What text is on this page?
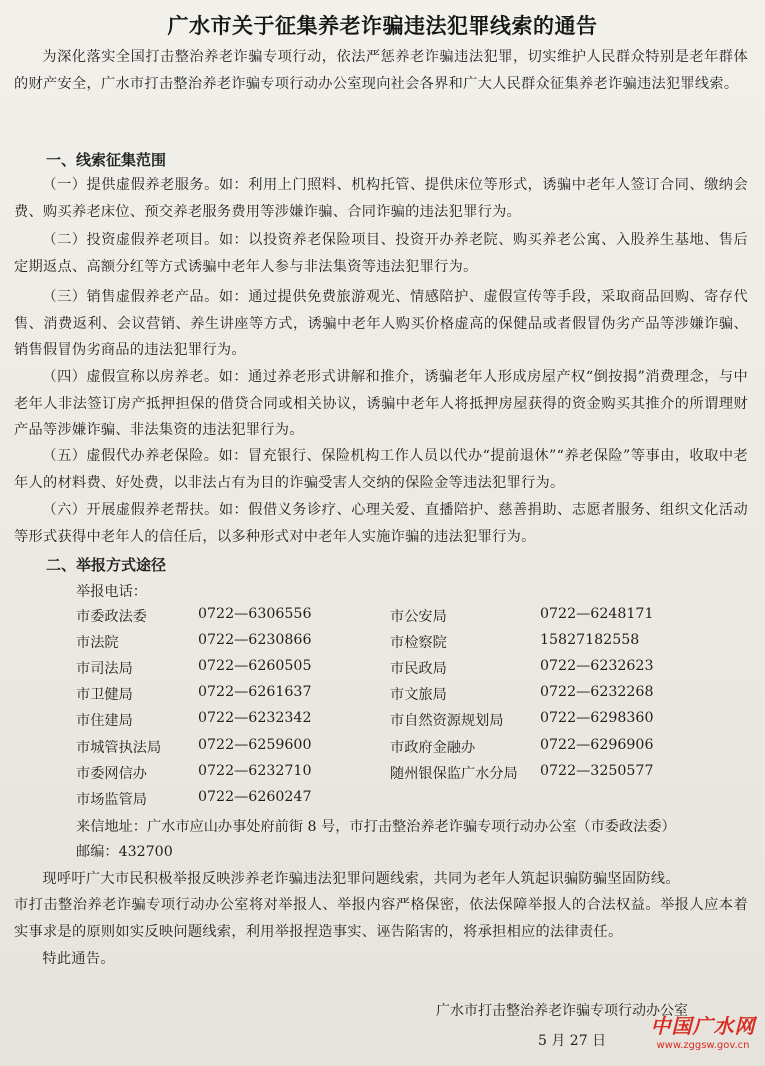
广水市关于征集养老诈骗违法犯罪线索的通告
为深化落实全国打击整治养老诈骗专项行动，依法严惩养老诈骗违法犯罪，切实维护人民群众特别是老年群体的财产安全，广水市打击整治养老诈骗专项行动办公室现向社会各界和广大人民群众征集养老诈骗违法犯罪线索。
一、线索征集范围
（一）提供虚假养老服务。如：利用上门照料、机构托管、提供床位等形式，诱骗中老年人签订合同、缴纳会费、购买养老床位、预交养老服务费用等涉嫌诈骗、合同诈骗的违法犯罪行为。
（二）投资虚假养老项目。如：以投资养老保险项目、投资开办养老院、购买养老公寓、入股养生基地、售后定期返点、高额分红等方式诱骗中老年人参与非法集资等违法犯罪行为。
（三）销售虚假养老产品。如：通过提供免费旅游观光、情感陪护、虚假宣传等手段，采取商品回购、寄存代售、消费返利、会议营销、养生讲座等方式，诱骗中老年人购买价格虚高的保健品或者假冒伪劣产品等涉嫌诈骗、销售假冒伪劣商品的违法犯罪行为。
（四）虚假宣称以房养老。如：通过养老形式讲解和推介，诱骗老年人形成房屋产权“倒按揭”消费理念，与中老年人非法签订房产抵押担保的借贷合同或相关协议，诱骗中老年人将抵押房屋获得的资金购买其推介的所谓理财产品等涉嫌诈骗、非法集资的违法犯罪行为。
（五）虚假代办养老保险。如：冒充银行、保险机构工作人员以代办“提前退休”“养老保险”等事由，收取中老年人的材料费、好处费，以非法占有为目的诈骗受害人交纳的保险金等违法犯罪行为。
（六）开展虚假养老帮扶。如：假借义务诊疗、心理关爱、直播陪护、慈善捐助、志愿者服务、组织文化活动等形式获得中老年人的信任后，以多种形式对中老年人实施诈骗的违法犯罪行为。
二、举报方式途径
举报电话：
市委政法委	0722—6306556	市公安局	0722—6248171
市法院	0722—6230866	市检察院	15827182558
市司法局	0722—6260505	市民政局	0722—6232623
市卫健局	0722—6261637	市文旅局	0722—6232268
市住建局	0722—6232342	市自然资源规划局	0722—6298360
市城管执法局	0722—6259600	市政府金融办	0722—6296906
市委网信办	0722—6232710	随州银保监广水分局 0722—3250577
市场监管局	0722—6260247
来信地址：广水市应山办事处府前街 8 号，市打击整治养老诈骗专项行动办公室（市委政法委）
邮编：432700
现呼吁广大市民积极举报反映涉养老诈骗违法犯罪问题线索，共同为老年人筑起识骗防骗坚固防线。
市打击整治养老诈骗专项行动办公室将对举报人、举报内容严格保密，依法保障举报人的合法权益。举报人应本着实事求是的原则如实反映问题线索，利用举报捏造事实、诬告陷害的，将承担相应的法律责任。
特此通告。
广水市打击整治养老诈骗专项行动办公室
5 月 27 日
中国广水网
www.zggsw.gov.cn
